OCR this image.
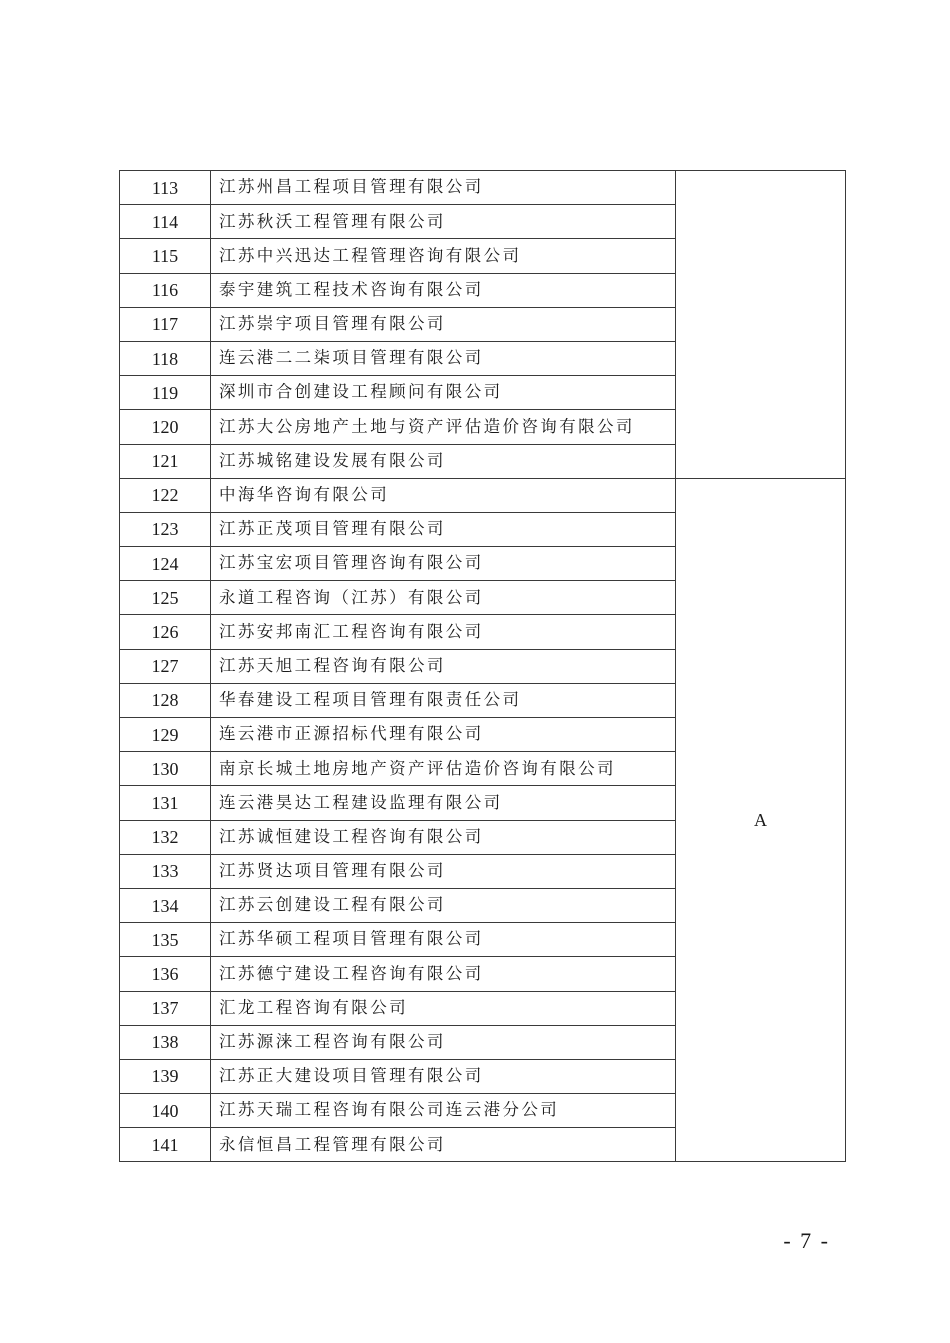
113	江苏州昌工程项目管理有限公司	
114	江苏秋沃工程管理有限公司	
115	江苏中兴迅达工程管理咨询有限公司	
116	泰宇建筑工程技术咨询有限公司	
117	江苏崇宇项目管理有限公司	
118	连云港二二柒项目管理有限公司	
119	深圳市合创建设工程顾问有限公司	
120	江苏大公房地产土地与资产评估造价咨询有限公司	
121	江苏城铭建设发展有限公司	
122	中海华咨询有限公司	A
123	江苏正茂项目管理有限公司	
124	江苏宝宏项目管理咨询有限公司	
125	永道工程咨询（江苏）有限公司	
126	江苏安邦南汇工程咨询有限公司	
127	江苏天旭工程咨询有限公司	
128	华春建设工程项目管理有限责任公司	
129	连云港市正源招标代理有限公司	
130	南京长城土地房地产资产评估造价咨询有限公司	
131	连云港昊达工程建设监理有限公司	
132	江苏诚恒建设工程咨询有限公司	
133	江苏贤达项目管理有限公司	
134	江苏云创建设工程有限公司	
135	江苏华硕工程项目管理有限公司	
136	江苏德宁建设工程咨询有限公司	
137	汇龙工程咨询有限公司	
138	江苏源涞工程咨询有限公司	
139	江苏正大建设项目管理有限公司	
140	江苏天瑞工程咨询有限公司连云港分公司	
141	永信恒昌工程管理有限公司	
- 7 -
